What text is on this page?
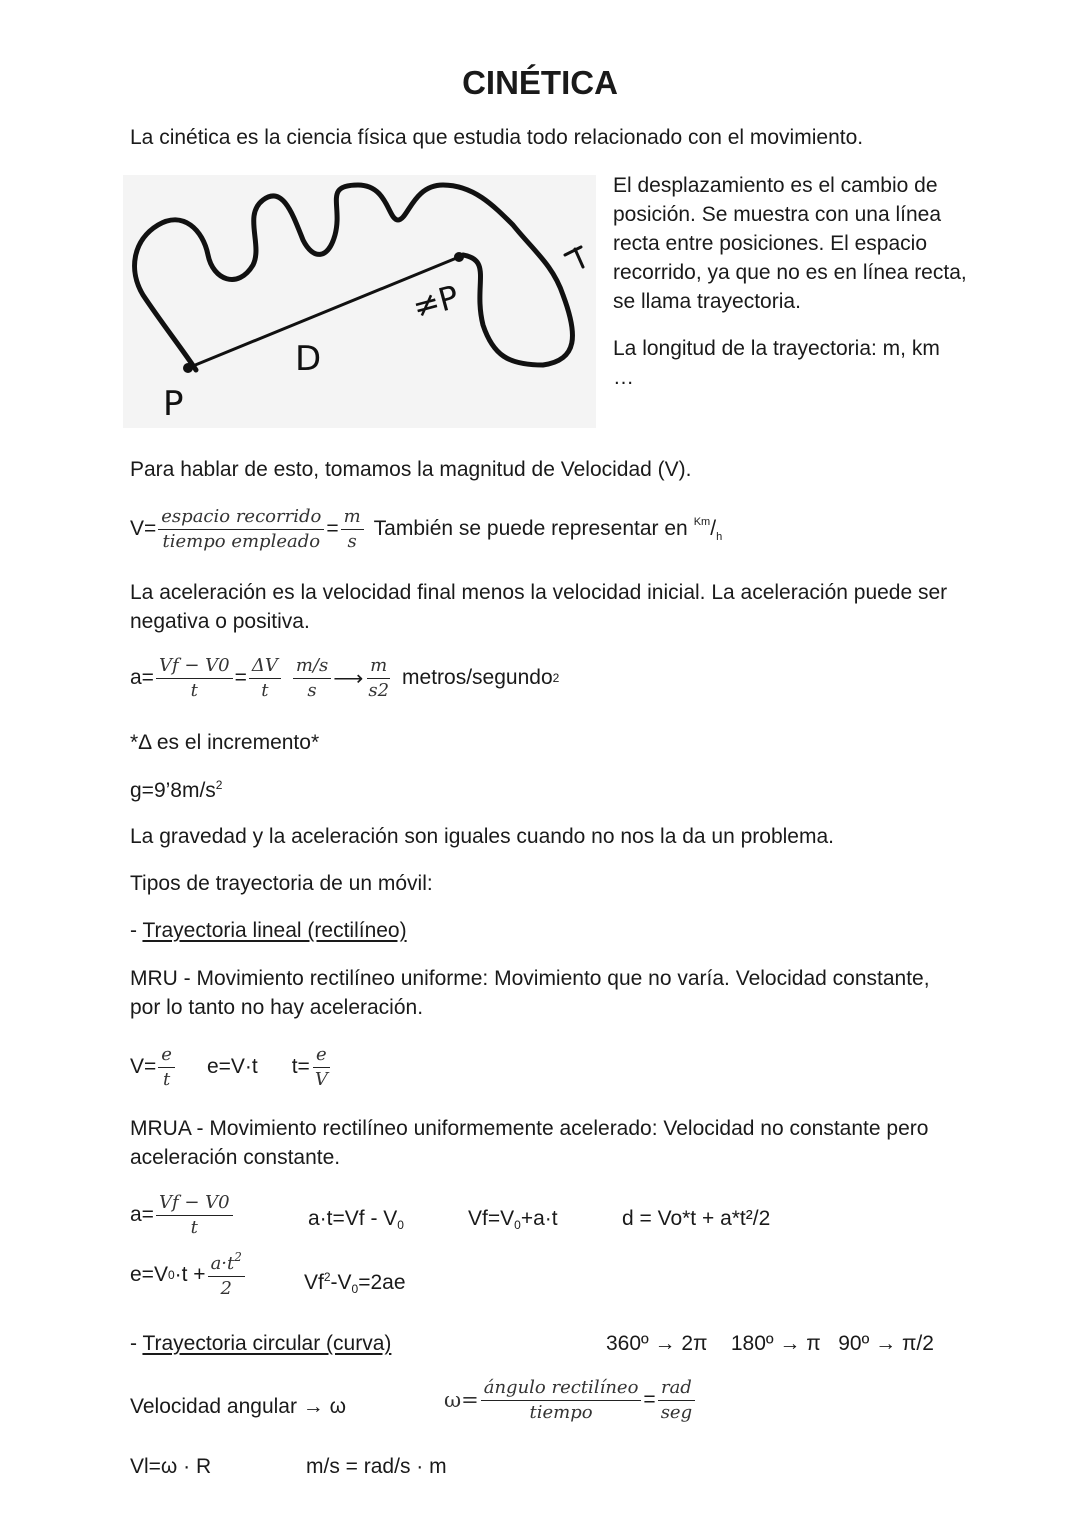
CINÉTICA
La cinética es la ciencia física que estudia todo relacionado con el movimiento.
D
P
≠P
El desplazamiento es el cambio de posición. Se muestra con una línea recta entre posiciones. El espacio recorrido, ya que no es en línea recta, se llama trayectoria.
La longitud de la trayectoria: m, km …
Para hablar de esto, tomamos la magnitud de Velocidad (V).
$V= \frac{\text{espacio recorrido}}{\text{tiempo empleado}} = \frac{m}{s}$ También se puede representar en $^{Km}/_h$
La aceleración es la velocidad final menos la velocidad inicial. La aceleración puede ser negativa o positiva.
$a= \frac{Vf - V0}{t} = \frac{\Delta V}{t} \frac{m/s}{s}$ ⟶ $\frac{m}{s2}$ metros/segundo 2
*Δ es el incremento*
$g=9’8m/s^2$
La gravedad y la aceleración son iguales cuando no nos la da un problema.
Tipos de trayectoria de un móvil:
- Trayectoria lineal (rectilíneo)
MRU - Movimiento rectilíneo uniforme: Movimiento que no varía. Velocidad constante, por lo tanto no hay aceleración.
$V= \frac{e}{t} e=V\cdot t$ $t= \frac{e}{V}$
MRUA - Movimiento rectilíneo uniformemente acelerado: Velocidad no constante pero aceleración constante.
$a= \frac{Vf - V0}{t}$	$a\cdot t=Vf - V_0$	$Vf=V_0+a\cdot t$	d = Vo*t + a*t²/2
e=V $0 \cdot t + \frac{a\cdot t^2}{2}$	$Vf^2-V_0=2ae$
- Trayectoria circular (curva)	360º → 2π    180º → π   90º → π/2
Velocidad angular → ω	$\omega= \frac{\text{ángulo rectilíneo}}{\text{tiempo}} = \frac{\text{rad}}{\text{seg}}$
Vl=ω · R	m/s = rad/s · m
